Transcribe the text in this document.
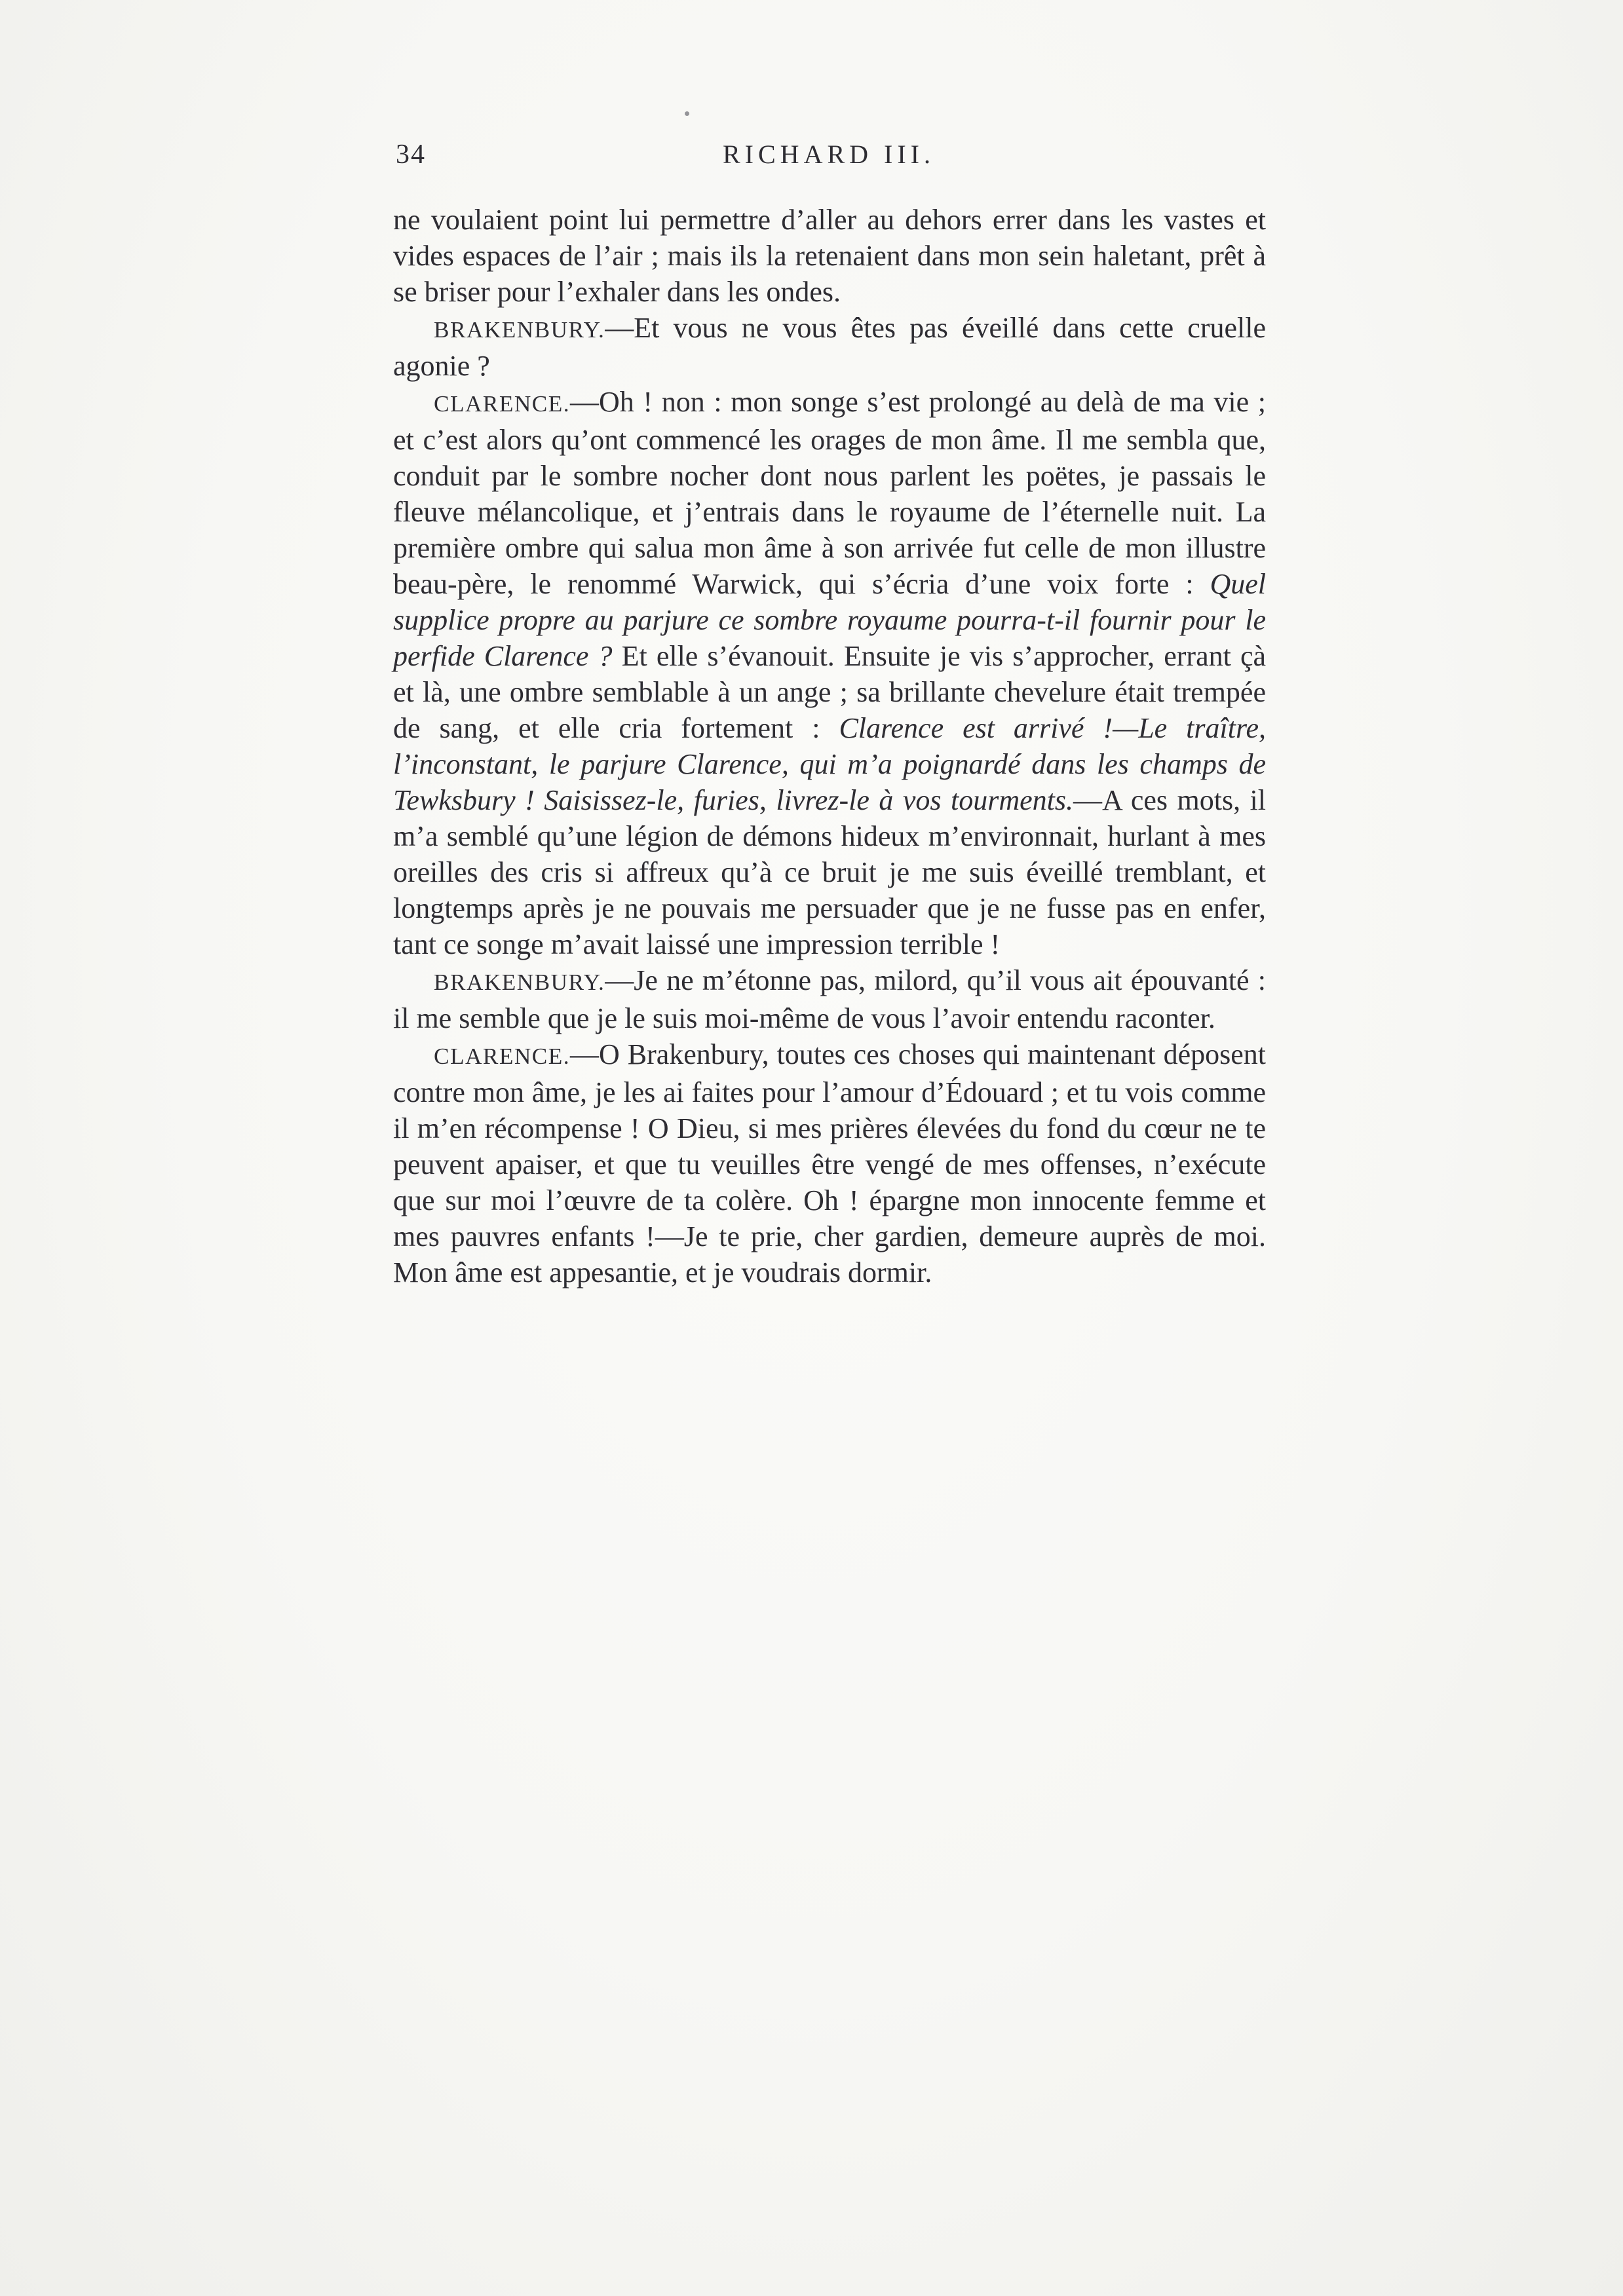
34	RICHARD III.

ne voulaient point lui permettre d’aller au dehors errer dans les vastes et vides espaces de l’air ; mais ils la retenaient dans mon sein haletant, prêt à se briser pour l’exhaler dans les ondes.

BRAKENBURY.—Et vous ne vous êtes pas éveillé dans cette cruelle agonie ?

CLARENCE.—Oh ! non : mon songe s’est prolongé au delà de ma vie ; et c’est alors qu’ont commencé les orages de mon âme. Il me sembla que, conduit par le sombre nocher dont nous parlent les poëtes, je passais le fleuve mélancolique, et j’entrais dans le royaume de l’éternelle nuit. La première ombre qui salua mon âme à son arrivée fut celle de mon illustre beau-père, le renommé Warwick, qui s’écria d’une voix forte : Quel supplice propre au parjure ce sombre royaume pourra-t-il fournir pour le perfide Clarence ? Et elle s’évanouit. Ensuite je vis s’approcher, errant çà et là, une ombre semblable à un ange ; sa brillante chevelure était trempée de sang, et elle cria fortement : Clarence est arrivé !—Le traître, l’inconstant, le parjure Clarence, qui m’a poignardé dans les champs de Tewksbury ! Saisissez-le, furies, livrez-le à vos tourments.—A ces mots, il m’a semblé qu’une légion de démons hideux m’environnait, hurlant à mes oreilles des cris si affreux qu’à ce bruit je me suis éveillé tremblant, et longtemps après je ne pouvais me persuader que je ne fusse pas en enfer, tant ce songe m’avait laissé une impression terrible !

BRAKENBURY.—Je ne m’étonne pas, milord, qu’il vous ait épouvanté : il me semble que je le suis moi-même de vous l’avoir entendu raconter.

CLARENCE.—O Brakenbury, toutes ces choses qui maintenant déposent contre mon âme, je les ai faites pour l’amour d’Édouard ; et tu vois comme il m’en récompense ! O Dieu, si mes prières élevées du fond du cœur ne te peuvent apaiser, et que tu veuilles être vengé de mes offenses, n’exécute que sur moi l’œuvre de ta colère. Oh ! épargne mon innocente femme et mes pauvres enfants !—Je te prie, cher gardien, demeure auprès de moi. Mon âme est appesantie, et je voudrais dormir.
